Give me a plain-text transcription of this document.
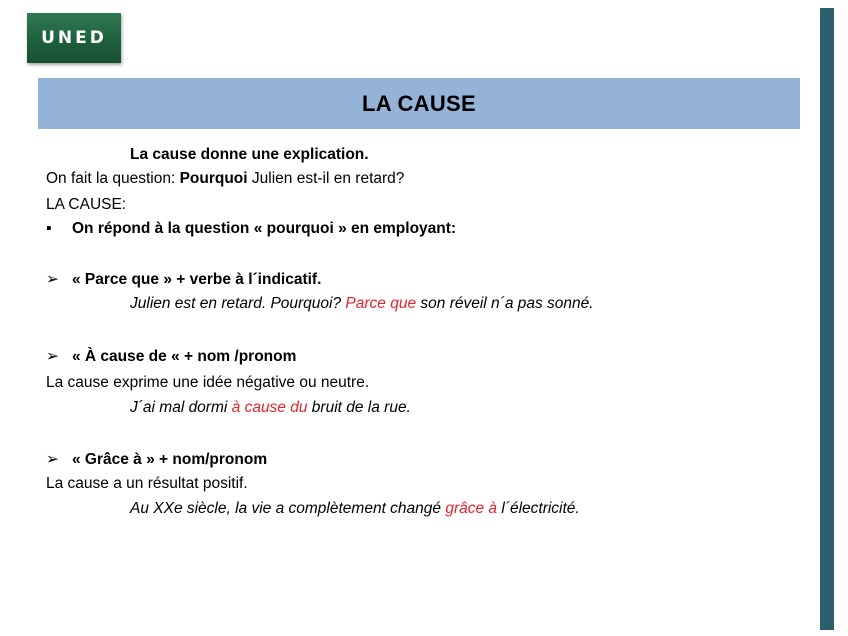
UNED
LA CAUSE
La cause donne une explication.
On fait la question: Pourquoi Julien est-il en retard?
LA CAUSE:
▪ On répond à la question « pourquoi » en employant:
➢ « Parce que » + verbe à l´indicatif.
Julien est en retard. Pourquoi? Parce que son réveil n´a pas sonné.
➢ « À cause de « + nom /pronom
La cause exprime une idée négative ou neutre.
J´ai mal dormi à cause du bruit de la rue.
➢ « Grâce à » + nom/pronom
La cause a un résultat positif.
Au XXe siècle, la vie a complètement changé grâce à l´électricité.
